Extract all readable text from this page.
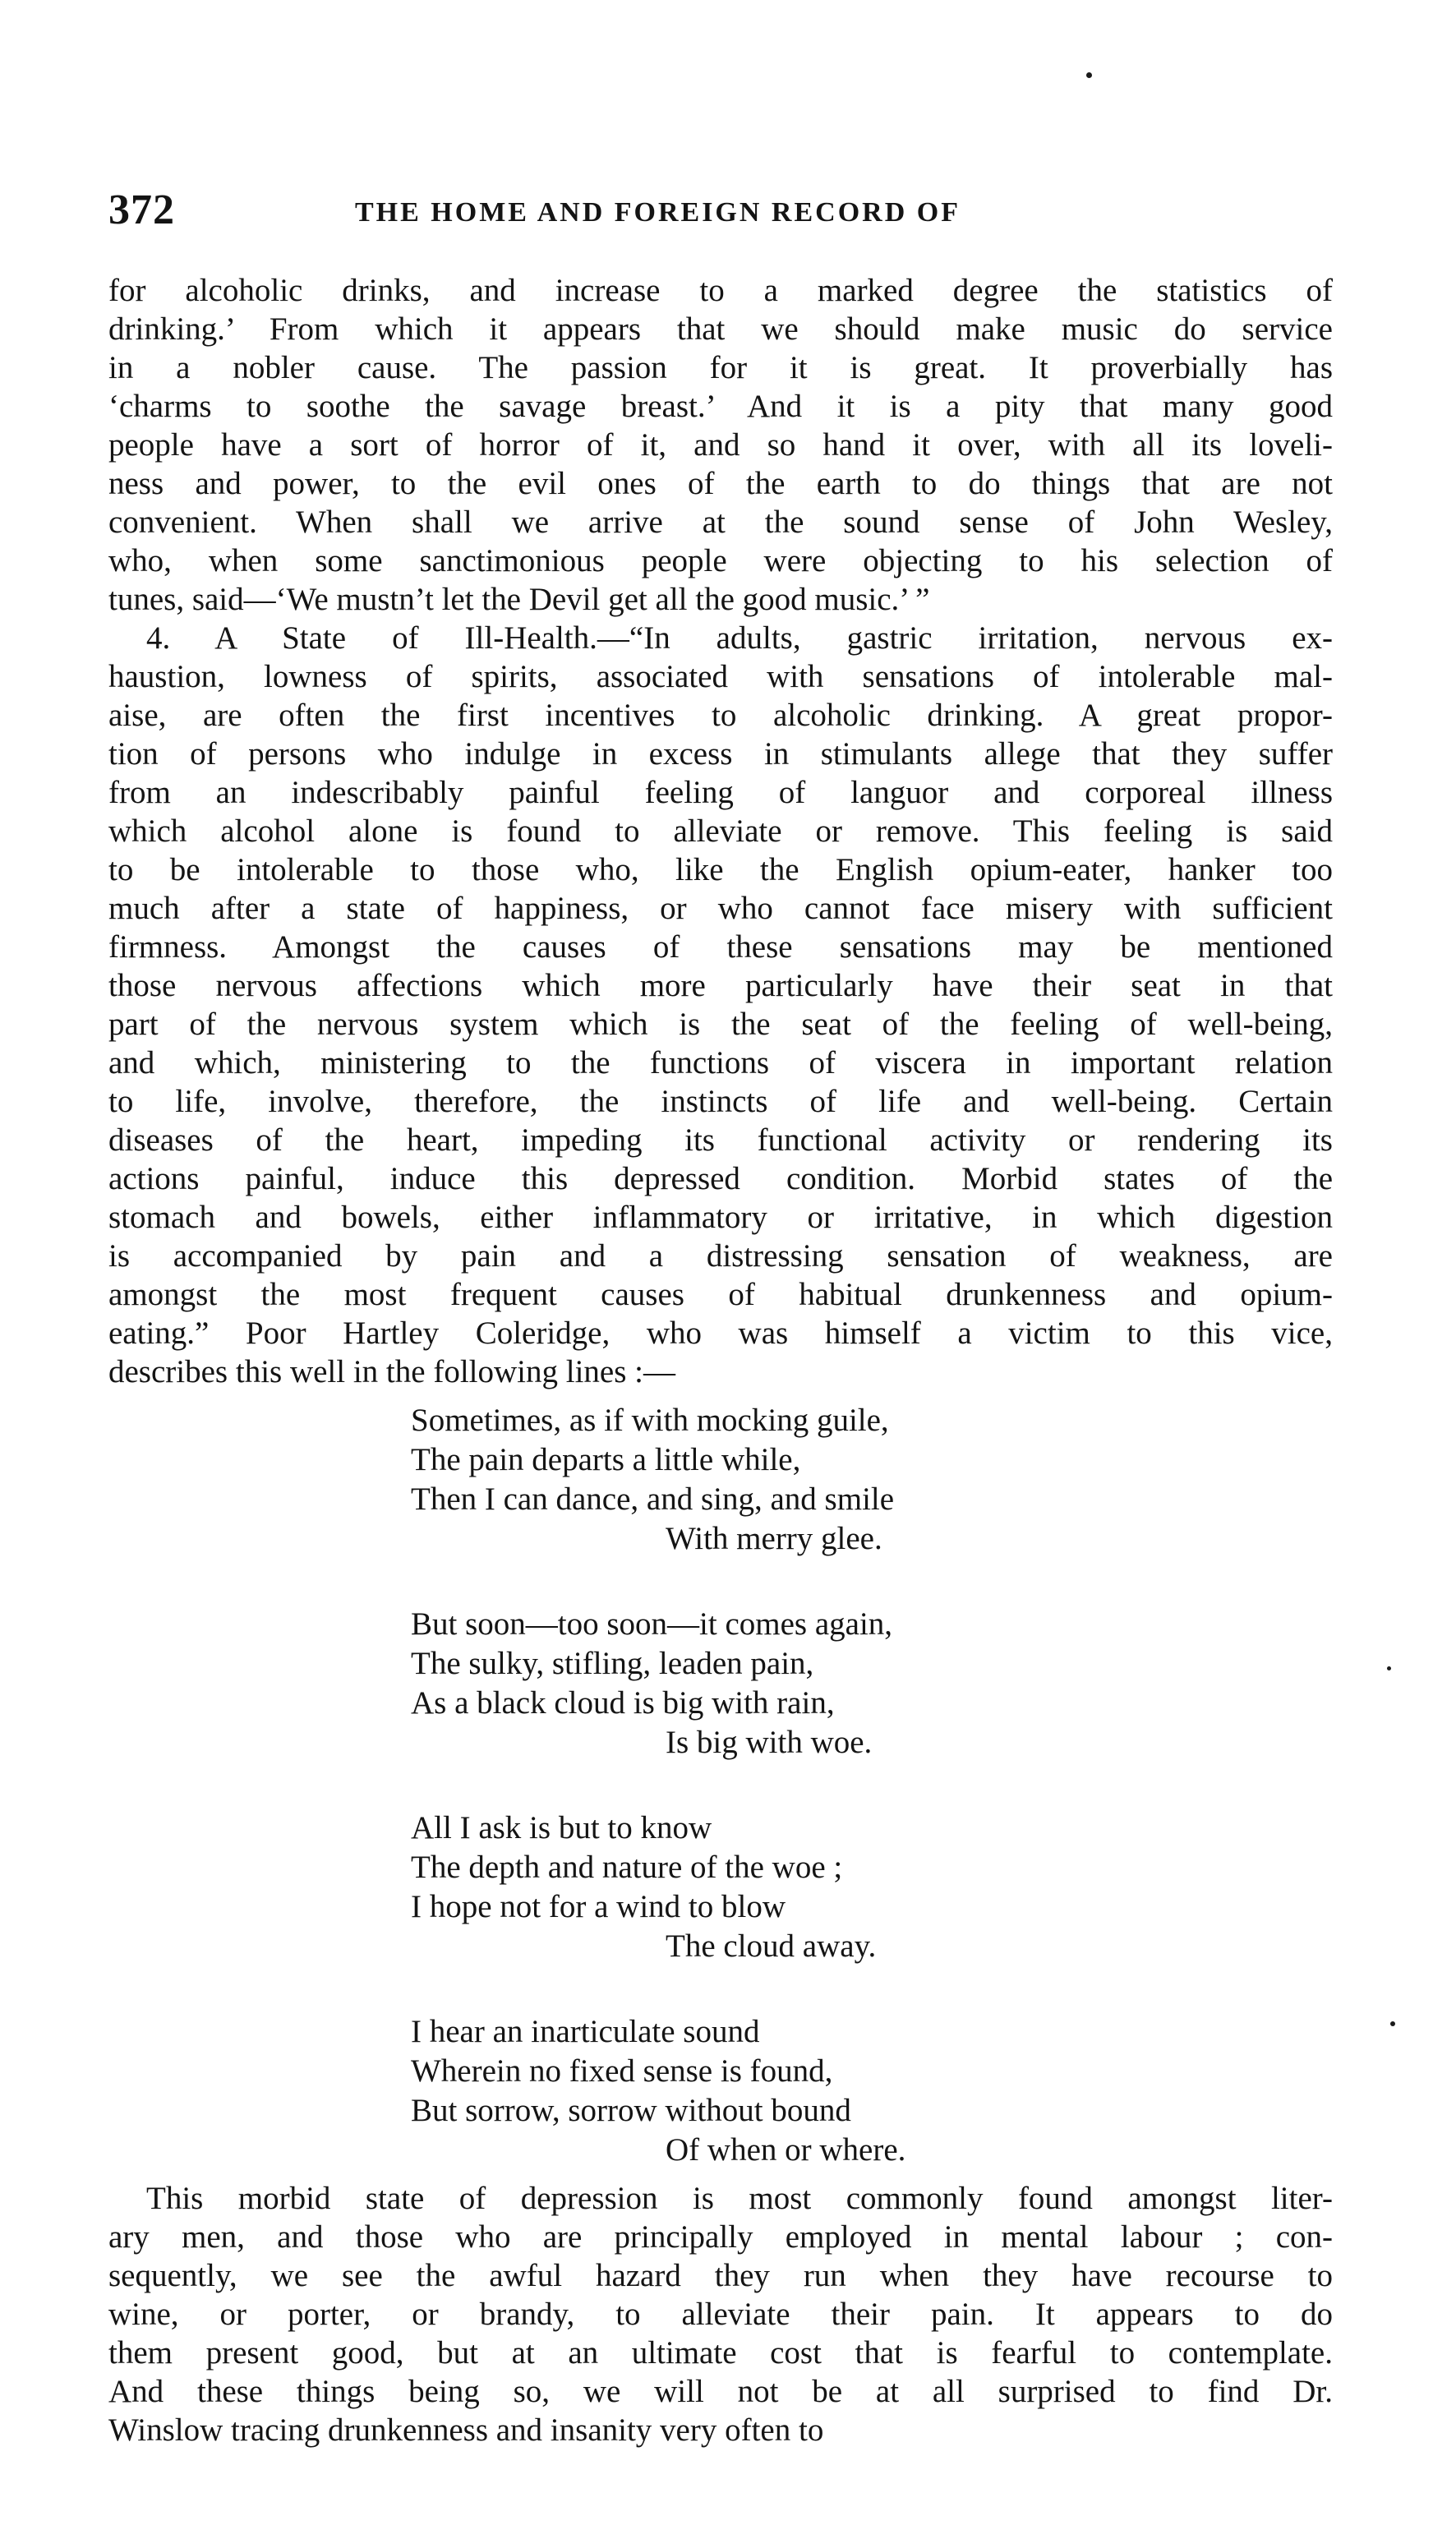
372	THE HOME AND FOREIGN RECORD OF
for alcoholic drinks, and increase to a marked degree the statistics of
drinking.’ From which it appears that we should make music do service
in a nobler cause. The passion for it is great. It proverbially has
‘charms to soothe the savage breast.’ And it is a pity that many good
people have a sort of horror of it, and so hand it over, with all its loveli-
ness and power, to the evil ones of the earth to do things that are not
convenient. When shall we arrive at the sound sense of John Wesley,
who, when some sanctimonious people were objecting to his selection of
tunes, said—‘We mustn’t let the Devil get all the good music.’ ”
4. A State of Ill-Health.—“In adults, gastric irritation, nervous ex-
haustion, lowness of spirits, associated with sensations of intolerable mal-
aise, are often the first incentives to alcoholic drinking. A great propor-
tion of persons who indulge in excess in stimulants allege that they suffer
from an indescribably painful feeling of languor and corporeal illness
which alcohol alone is found to alleviate or remove. This feeling is said
to be intolerable to those who, like the English opium-eater, hanker too
much after a state of happiness, or who cannot face misery with sufficient
firmness. Amongst the causes of these sensations may be mentioned
those nervous affections which more particularly have their seat in that
part of the nervous system which is the seat of the feeling of well-being,
and which, ministering to the functions of viscera in important relation
to life, involve, therefore, the instincts of life and well-being. Certain
diseases of the heart, impeding its functional activity or rendering its
actions painful, induce this depressed condition. Morbid states of the
stomach and bowels, either inflammatory or irritative, in which digestion
is accompanied by pain and a distressing sensation of weakness, are
amongst the most frequent causes of habitual drunkenness and opium-
eating.” Poor Hartley Coleridge, who was himself a victim to this vice,
describes this well in the following lines :—
Sometimes, as if with mocking guile,
The pain departs a little while,
Then I can dance, and sing, and smile
With merry glee.
But soon—too soon—it comes again,
The sulky, stifling, leaden pain,
As a black cloud is big with rain,
Is big with woe.
All I ask is but to know
The depth and nature of the woe ;
I hope not for a wind to blow
The cloud away.
I hear an inarticulate sound
Wherein no fixed sense is found,
But sorrow, sorrow without bound
Of when or where.
This morbid state of depression is most commonly found amongst liter-
ary men, and those who are principally employed in mental labour ; con-
sequently, we see the awful hazard they run when they have recourse to
wine, or porter, or brandy, to alleviate their pain. It appears to do
them present good, but at an ultimate cost that is fearful to contemplate.
And these things being so, we will not be at all surprised to find Dr.
Winslow tracing drunkenness and insanity very often to
